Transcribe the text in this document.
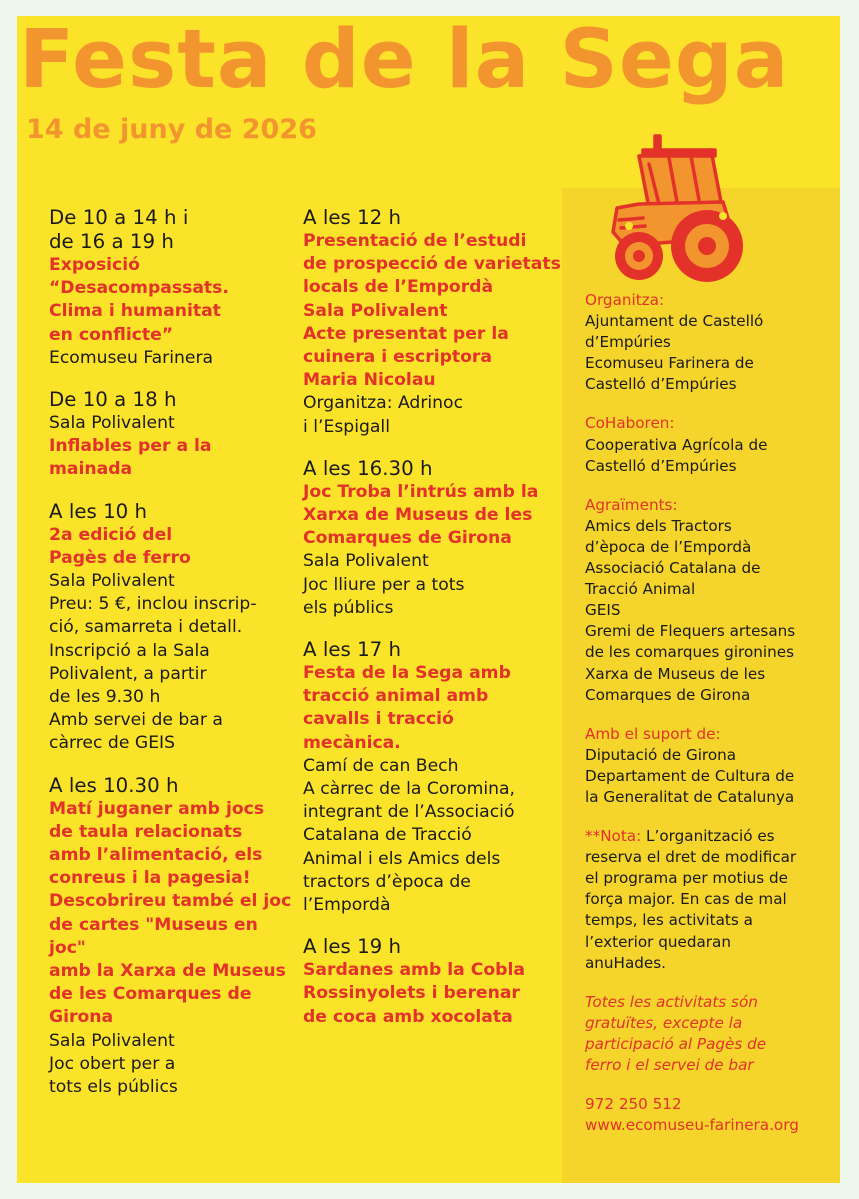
Festa de la Sega
14 de juny de 2026
De 10 a 14 h i
de 16 a 19 h
Exposició
“Desacompassats.
Clima i humanitat
en conflicte”
Ecomuseu Farinera
De 10 a 18 h
Sala Polivalent
Inflables per a la
mainada
A les 10 h
2a edició del
Pagès de ferro
Sala Polivalent
Preu: 5 €, inclou inscrip-
ció, samarreta i detall.
Inscripció a la Sala
Polivalent, a partir
de les 9.30 h
Amb servei de bar a
càrrec de GEIS
A les 10.30 h
Matí juganer amb jocs
de taula relacionats
amb l’alimentació, els
conreus i la pagesia!
Descobrireu també el joc
de cartes "Museus en joc"
amb la Xarxa de Museus
de les Comarques de
Girona
Sala Polivalent
Joc obert per a
tots els públics
A les 12 h
Presentació de l’estudi
de prospecció de varietats
locals de l’Empordà
Sala Polivalent
Acte presentat per la
cuinera i escriptora
Maria Nicolau
Organitza: Adrinoc
i l’Espigall
A les 16.30 h
Joc Troba l’intrús amb la
Xarxa de Museus de les
Comarques de Girona
Sala Polivalent
Joc lliure per a tots
els públics
A les 17 h
Festa de la Sega amb
tracció animal amb
cavalls i tracció
mecànica.
Camí de can Bech
A càrrec de la Coromina,
integrant de l’Associació
Catalana de Tracció
Animal i els Amics dels
tractors d’època de
l’Empordà
A les 19 h
Sardanes amb la Cobla
Rossinyolets i berenar
de coca amb xocolata
Organitza:
Ajuntament de Castelló
d’Empúries
Ecomuseu Farinera de
Castelló d’Empúries
CoHaboren:
Cooperativa Agrícola de
Castelló d’Empúries
Agraïments:
Amics dels Tractors
d’època de l’Empordà
Associació Catalana de
Tracció Animal
GEIS
Gremi de Flequers artesans
de les comarques gironines
Xarxa de Museus de les
Comarques de Girona
Amb el suport de:
Diputació de Girona
Departament de Cultura de
la Generalitat de Catalunya
**Nota: L’organització es
reserva el dret de modificar
el programa per motius de
força major. En cas de mal
temps, les activitats a
l’exterior quedaran
anuHades.
Totes les activitats són
gratuïtes, excepte la
participació al Pagès de
ferro i el servei de bar
972 250 512
www.ecomuseu-farinera.org
